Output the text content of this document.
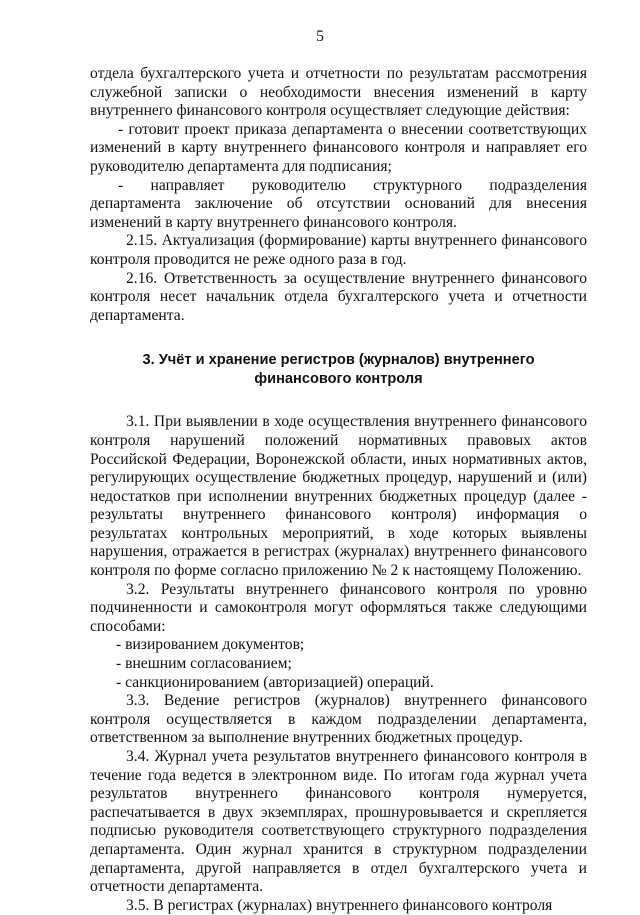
5

отдела бухгалтерского учета и отчетности по результатам рассмотрения служебной записки о необходимости внесения изменений в карту внутреннего финансового контроля осуществляет следующие действия:

- готовит проект приказа департамента о внесении соответствующих изменений в карту внутреннего финансового контроля и направляет его руководителю департамента для подписания;

- направляет руководителю структурного подразделения департамента заключение об отсутствии оснований для внесения изменений в карту внутреннего финансового контроля.

2.15. Актуализация (формирование) карты внутреннего финансового контроля проводится не реже одного раза в год.

2.16. Ответственность за осуществление внутреннего финансового контроля несет начальник отдела бухгалтерского учета и отчетности департамента.

3. Учёт и хранение регистров (журналов) внутреннего финансового контроля

3.1. При выявлении в ходе осуществления внутреннего финансового контроля нарушений положений нормативных правовых актов Российской Федерации, Воронежской области, иных нормативных актов, регулирующих осуществление бюджетных процедур, нарушений и (или) недостатков при исполнении внутренних бюджетных процедур (далее - результаты внутреннего финансового контроля) информация о результатах контрольных мероприятий, в ходе которых выявлены нарушения, отражается в регистрах (журналах) внутреннего финансового контроля по форме согласно приложению № 2 к настоящему Положению.

3.2. Результаты внутреннего финансового контроля по уровню подчиненности и самоконтроля могут оформляться также следующими способами:

- визированием документов;

- внешним согласованием;

- санкционированием (авторизацией) операций.

3.3. Ведение регистров (журналов) внутреннего финансового контроля осуществляется в каждом подразделении департамента, ответственном за выполнение внутренних бюджетных процедур.

3.4. Журнал учета результатов внутреннего финансового контроля в течение года ведется в электронном виде. По итогам года журнал учета результатов внутреннего финансового контроля нумеруется, распечатывается в двух экземплярах, прошнуровывается и скрепляется подписью руководителя соответствующего структурного подразделения департамента. Один журнал хранится в структурном подразделении департамента, другой направляется в отдел бухгалтерского учета и отчетности департамента.

3.5. В регистрах (журналах) внутреннего финансового контроля
